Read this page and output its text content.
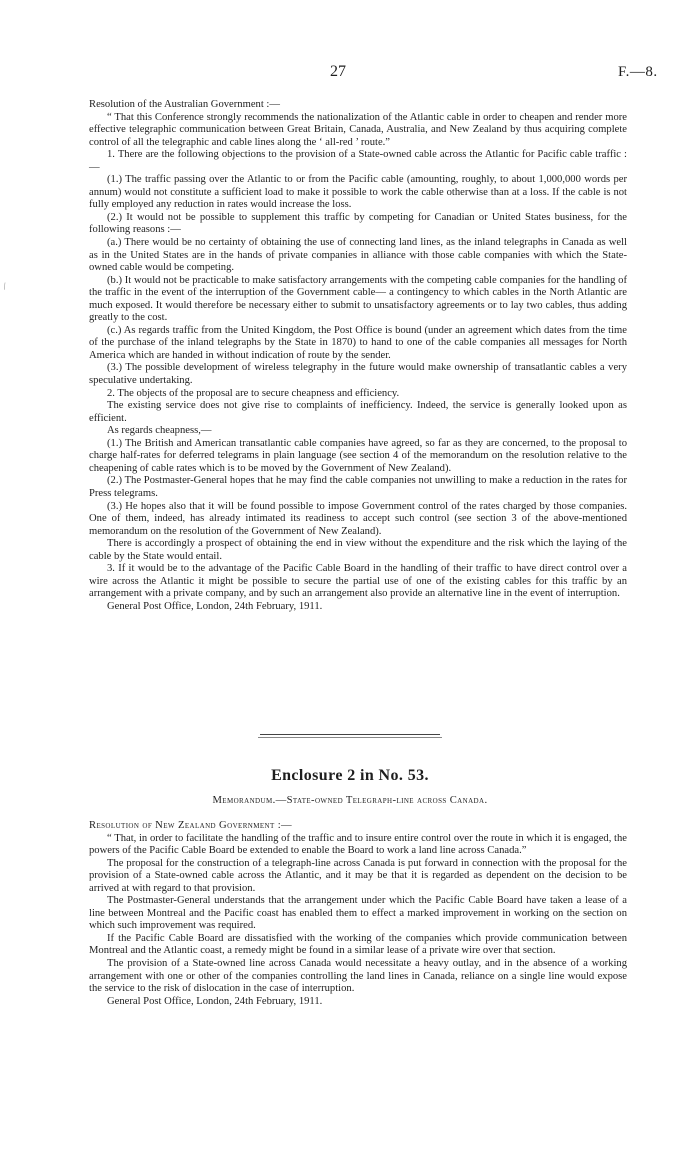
27	F.—8.
⁄

Resolution of the Australian Government :—

“ That this Conference strongly recommends the nationalization of the Atlantic cable in order to cheapen and render more effective telegraphic communication between Great Britain, Canada, Australia, and New Zealand by thus acquiring complete control of all the telegraphic and cable lines along the ‘ all-red ’ route.”

1. There are the following objections to the provision of a State-owned cable across the Atlantic for Pacific cable traffic :—

(1.) The traffic passing over the Atlantic to or from the Pacific cable (amounting, roughly, to about 1,000,000 words per annum) would not constitute a sufficient load to make it possible to work the cable otherwise than at a loss. If the cable is not fully employed any reduction in rates would increase the loss.

(2.) It would not be possible to supplement this traffic by competing for Canadian or United States business, for the following reasons :—

(a.) There would be no certainty of obtaining the use of connecting land lines, as the inland telegraphs in Canada as well as in the United States are in the hands of private companies in alliance with those cable companies with which the State-owned cable would be competing.

(b.) It would not be practicable to make satisfactory arrangements with the competing cable companies for the handling of the traffic in the event of the interruption of the Government cable— a contingency to which cables in the North Atlantic are much exposed. It would therefore be necessary either to submit to unsatisfactory agreements or to lay two cables, thus adding greatly to the cost.

(c.) As regards traffic from the United Kingdom, the Post Office is bound (under an agreement which dates from the time of the purchase of the inland telegraphs by the State in 1870) to hand to one of the cable companies all messages for North America which are handed in without indication of route by the sender.

(3.) The possible development of wireless telegraphy in the future would make ownership of transatlantic cables a very speculative undertaking.

2. The objects of the proposal are to secure cheapness and efficiency.

The existing service does not give rise to complaints of inefficiency. Indeed, the service is generally looked upon as efficient.

As regards cheapness,—

(1.) The British and American transatlantic cable companies have agreed, so far as they are concerned, to the proposal to charge half-rates for deferred telegrams in plain language (see section 4 of the memorandum on the resolution relative to the cheapening of cable rates which is to be moved by the Government of New Zealand).

(2.) The Postmaster-General hopes that he may find the cable companies not unwilling to make a reduction in the rates for Press telegrams.

(3.) He hopes also that it will be found possible to impose Government control of the rates charged by those companies. One of them, indeed, has already intimated its readiness to accept such control (see section 3 of the above-mentioned memorandum on the resolution of the Government of New Zealand).

There is accordingly a prospect of obtaining the end in view without the expenditure and the risk which the laying of the cable by the State would entail.

3. If it would be to the advantage of the Pacific Cable Board in the handling of their traffic to have direct control over a wire across the Atlantic it might be possible to secure the partial use of one of the existing cables for this traffic by an arrangement with a private company, and by such an arrangement also provide an alternative line in the event of interruption.

General Post Office, London, 24th February, 1911.

Enclosure 2 in No. 53.
Memorandum.—State-owned Telegraph-line across Canada.

Resolution of New Zealand Government :—

“ That, in order to facilitate the handling of the traffic and to insure entire control over the route in which it is engaged, the powers of the Pacific Cable Board be extended to enable the Board to work a land line across Canada.”

The proposal for the construction of a telegraph-line across Canada is put forward in connection with the proposal for the provision of a State-owned cable across the Atlantic, and it may be that it is regarded as dependent on the decision to be arrived at with regard to that provision.

The Postmaster-General understands that the arrangement under which the Pacific Cable Board have taken a lease of a line between Montreal and the Pacific coast has enabled them to effect a marked improvement in working on the section on which such improvement was required.

If the Pacific Cable Board are dissatisfied with the working of the companies which provide communication between Montreal and the Atlantic coast, a remedy might be found in a similar lease of a private wire over that section.

The provision of a State-owned line across Canada would necessitate a heavy outlay, and in the absence of a working arrangement with one or other of the companies controlling the land lines in Canada, reliance on a single line would expose the service to the risk of dislocation in the case of interruption.

General Post Office, London, 24th February, 1911.
